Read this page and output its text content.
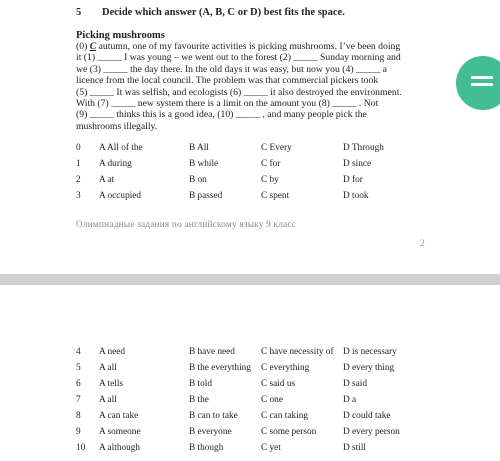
5 Decide which answer (A, B, C or D) best fits the space.
Picking mushrooms
(0) C autumn, one of my favourite activities is picking mushrooms. I’ve been doing
it (1) _____ I was young – we went out to the forest (2) _____ Sunday morning and
we (3) _____ the day there. In the old days it was easy, but now you (4) _____ a
licence from the local council. The problem was that commercial pickers took
(5) _____ It was selfish, and ecologists (6) _____ it also destroyed the environment.
With (7) _____ new system there is a limit on the amount you (8) _____ . Not
(9) _____ thinks this is a good idea, (10) _____ , and many people pick the
mushrooms illegally.
0 A All of the	B All	C Every	D Through
1 A during	B while	C for	D since
2 A at	B on	C by	D for
3 A occupied	B passed	C spent	D took
Олимпиадные задания по английскому языку 9 класс
2
4 A need	B have need	C have necessity of D is necessary
5 A all	B the everything C everything	D every thing
6 A tells	B told	C said us	D said
7 A all	B the	C one	D a
8 A can take	B can to take C can taking	D could take
9 A someone	B everyone	C some person	D every person
10 A although	B though	C yet	D still
